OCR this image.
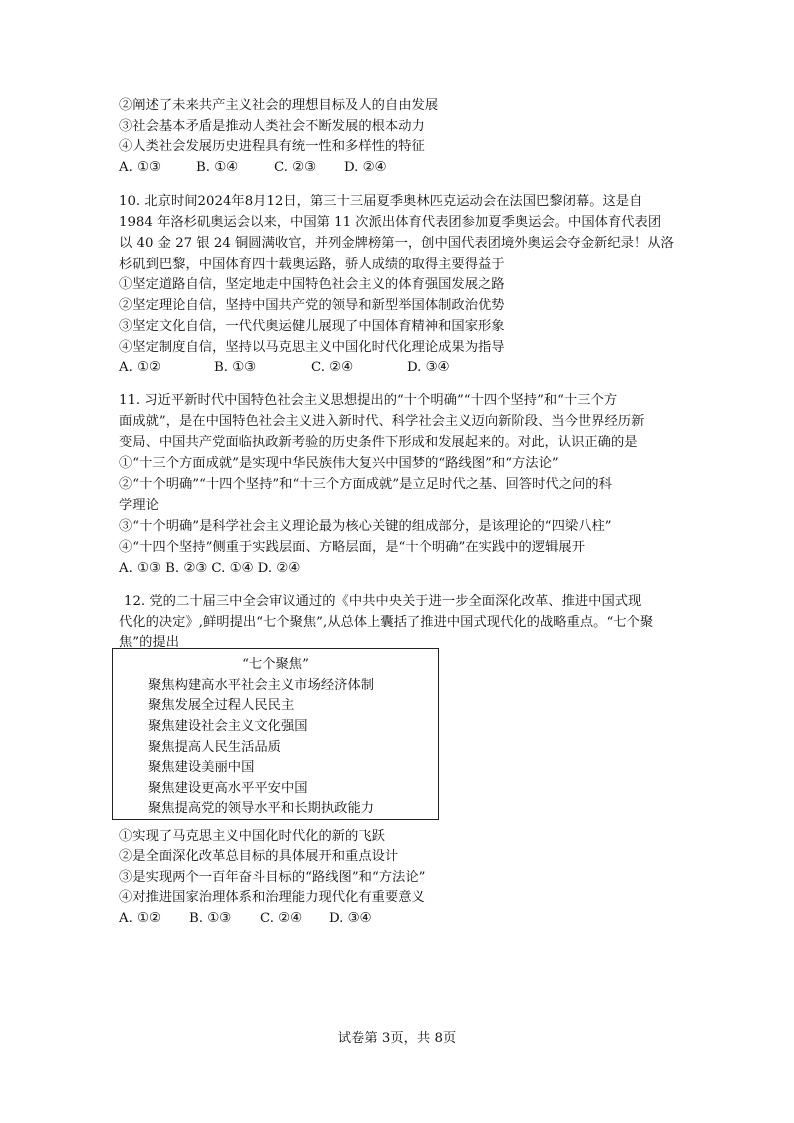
②阐述了未来共产主义社会的理想目标及人的自由发展
③社会基本矛盾是推动人类社会不断发展的根本动力
④人类社会发展历史进程具有统一性和多样性的特征
A. ①③	B. ①④	C. ②③ D. ②④
10. 北京时间2024年8月12日，第三十三届夏季奥林匹克运动会在法国巴黎闭幕。这是自
1984 年洛杉矶奥运会以来，中国第 11 次派出体育代表团参加夏季奥运会。中国体育代表团
以 40 金 27 银 24 铜圆满收官，并列金牌榜第一，创中国代表团境外奥运会夺金新纪录！从洛
杉矶到巴黎，中国体育四十载奥运路，骄人成绩的取得主要得益于
①坚定道路自信，坚定地走中国特色社会主义的体育强国发展之路
②坚定理论自信，坚持中国共产党的领导和新型举国体制政治优势
③坚定文化自信，一代代奥运健儿展现了中国体育精神和国家形象
④坚定制度自信，坚持以马克思主义中国化时代化理论成果为指导
A. ①②	B. ①③	C. ②④	D. ③④
11. 习近平新时代中国特色社会主义思想提出的“十个明确”“十四个坚持”和“十三个方
面成就”，是在中国特色社会主义进入新时代、科学社会主义迈向新阶段、当今世界经历新
变局、中国共产党面临执政新考验的历史条件下形成和发展起来的。对此，认识正确的是
①“十三个方面成就”是实现中华民族伟大复兴中国梦的“路线图”和“方法论”
②“十个明确”“十四个坚持”和“十三个方面成就”是立足时代之基、回答时代之问的科
学理论
③“十个明确”是科学社会主义理论最为核心关键的组成部分，是该理论的“四梁八柱”
④“十四个坚持”侧重于实践层面、方略层面，是“十个明确”在实践中的逻辑展开
A. ①③ B. ②③ C. ①④ D. ②④
12. 党的二十届三中全会审议通过的《中共中央关于进一步全面深化改革、推进中国式现
代化的决定》,鲜明提出“七个聚焦”,从总体上囊括了推进中国式现代化的战略重点。“七个聚
焦”的提出
“七个聚焦”
聚焦构建高水平社会主义市场经济体制
聚焦发展全过程人民民主
聚焦建设社会主义文化强国
聚焦提高人民生活品质
聚焦建设美丽中国
聚焦建设更高水平平安中国
聚焦提高党的领导水平和长期执政能力
①实现了马克思主义中国化时代化的新的飞跃
②是全面深化改革总目标的具体展开和重点设计
③是实现两个一百年奋斗目标的“路线图”和“方法论”
④对推进国家治理体系和治理能力现代化有重要意义
A. ①② B. ①③ C. ②④ D. ③④
试卷第 3页，共 8页
